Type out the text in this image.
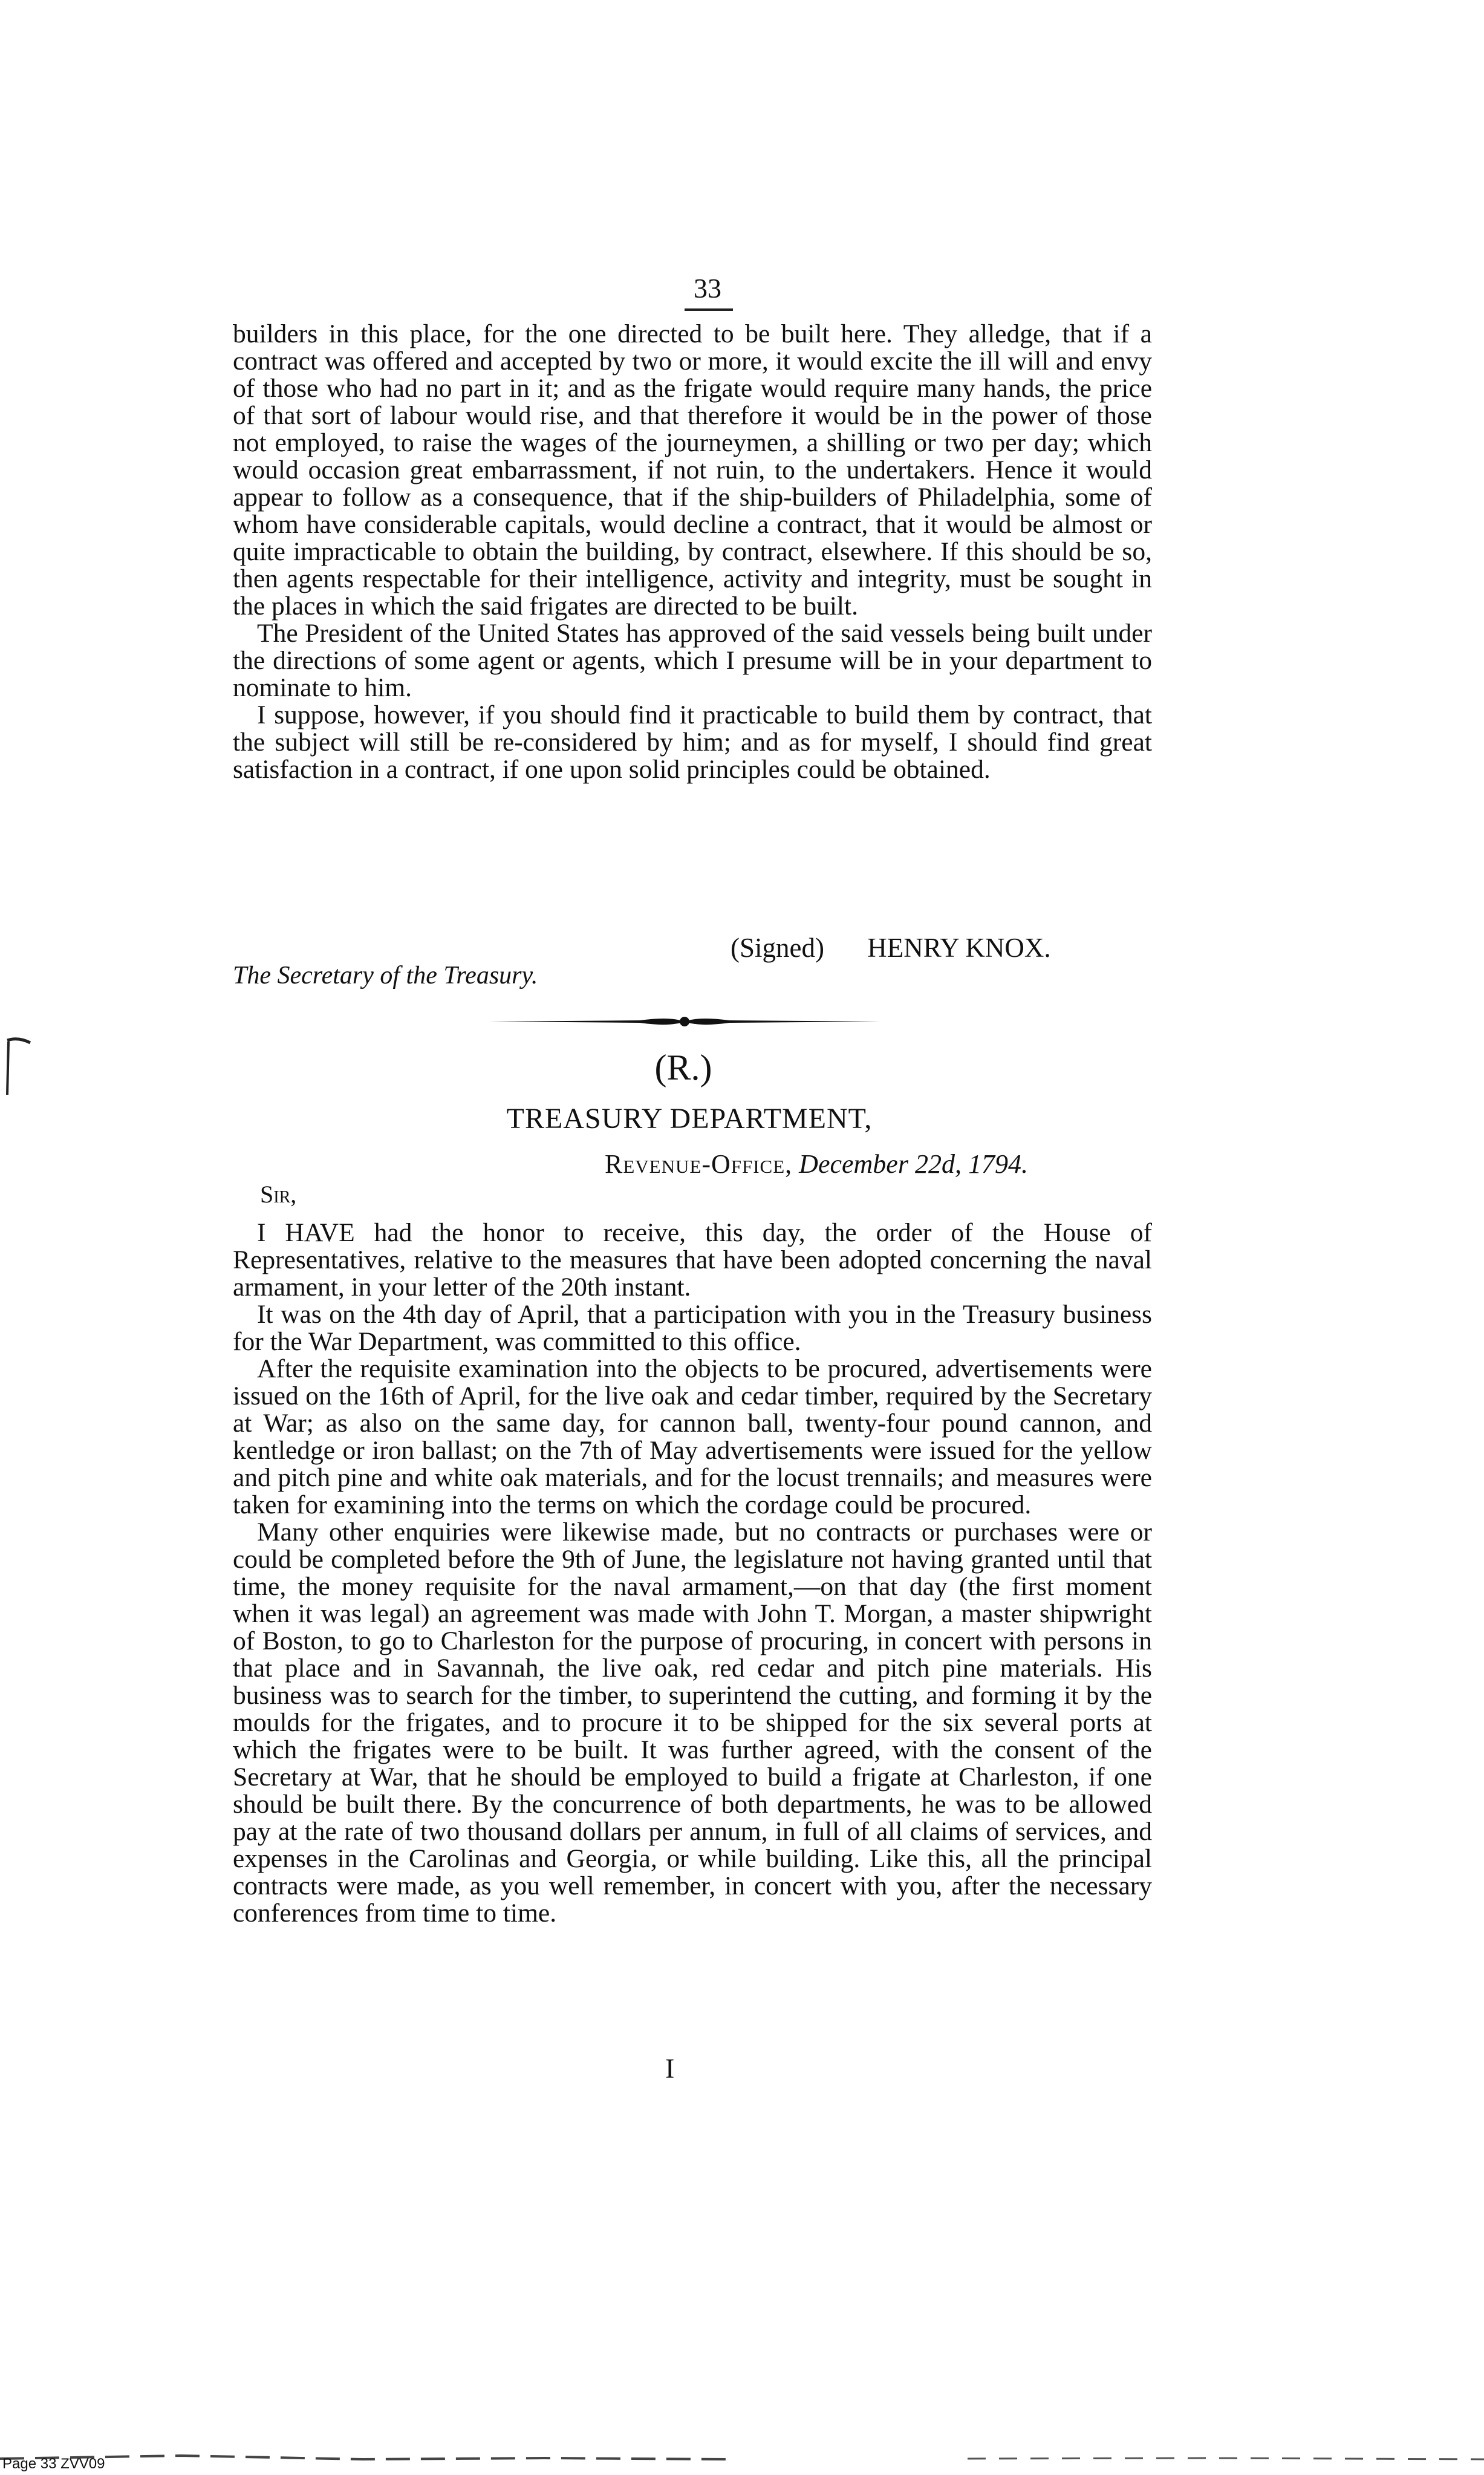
33

builders in this place, for the one directed to be built here. They alledge, that if a contract was offered and accepted by two or more, it would excite the ill will and envy of those who had no part in it; and as the frigate would require many hands, the price of that sort of labour would rise, and that therefore it would be in the power of those not employed, to raise the wages of the journeymen, a shilling or two per day; which would occasion great embarrassment, if not ruin, to the undertakers. Hence it would appear to follow as a consequence, that if the ship-builders of Philadelphia, some of whom have considerable capitals, would decline a contract, that it would be almost or quite impracticable to obtain the building, by contract, elsewhere. If this should be so, then agents respectable for their intelligence, activity and integrity, must be sought in the places in which the said frigates are directed to be built.

The President of the United States has approved of the said vessels being built under the directions of some agent or agents, which I presume will be in your department to nominate to him.

I suppose, however, if you should find it practicable to build them by contract, that the subject will still be re-considered by him; and as for myself, I should find great satisfaction in a contract, if one upon solid principles could be obtained.

(Signed) HENRY KNOX.
The Secretary of the Treasury.
(R.)
TREASURY DEPARTMENT,
Revenue-Office, December 22d, 1794.
Sir,

I HAVE had the honor to receive, this day, the order of the House of Representatives, relative to the measures that have been adopted concerning the naval armament, in your letter of the 20th instant.

It was on the 4th day of April, that a participation with you in the Treasury business for the War Department, was committed to this office.

After the requisite examination into the objects to be procured, advertisements were issued on the 16th of April, for the live oak and cedar timber, required by the Secretary at War; as also on the same day, for cannon ball, twenty-four pound cannon, and kentledge or iron ballast; on the 7th of May advertisements were issued for the yellow and pitch pine and white oak materials, and for the locust trennails; and measures were taken for examining into the terms on which the cordage could be procured.

Many other enquiries were likewise made, but no contracts or purchases were or could be completed before the 9th of June, the legislature not having granted until that time, the money requisite for the naval armament,—on that day (the first moment when it was legal) an agreement was made with John T. Morgan, a master shipwright of Boston, to go to Charleston for the purpose of procuring, in concert with persons in that place and in Savannah, the live oak, red cedar and pitch pine materials. His business was to search for the timber, to superintend the cutting, and forming it by the moulds for the frigates, and to procure it to be shipped for the six several ports at which the frigates were to be built. It was further agreed, with the consent of the Secretary at War, that he should be employed to build a frigate at Charleston, if one should be built there. By the concurrence of both departments, he was to be allowed pay at the rate of two thousand dollars per annum, in full of all claims of services, and expenses in the Carolinas and Georgia, or while building. Like this, all the principal contracts were made, as you well remember, in concert with you, after the necessary conferences from time to time.

I
Page 33 ZVV09
